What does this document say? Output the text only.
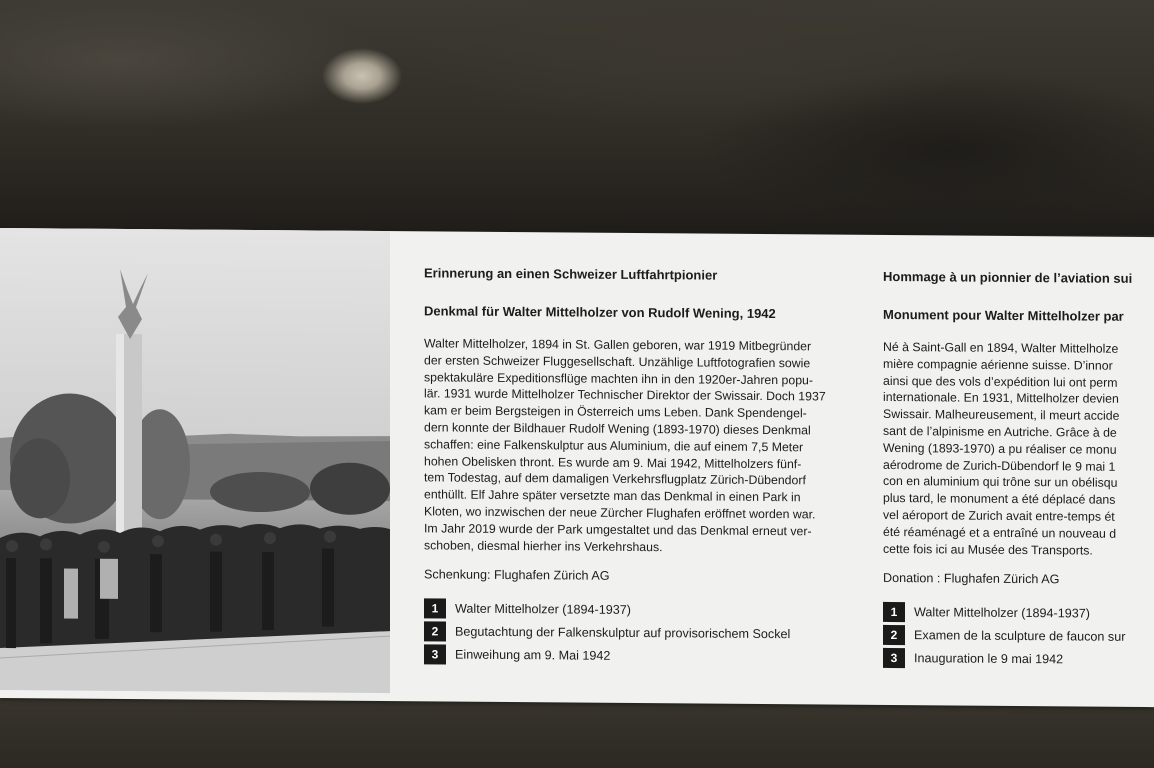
Erinnerung an einen Schweizer Luftfahrtpionier
Denkmal für Walter Mittelholzer von Rudolf Wening, 1942
Walter Mittelholzer, 1894 in St. Gallen geboren, war 1919 Mitbegründer
der ersten Schweizer Fluggesellschaft. Unzählige Luftfotografien sowie
spektakuläre Expeditionsflüge machten ihn in den 1920er-Jahren popu-
lär. 1931 wurde Mittelholzer Technischer Direktor der Swissair. Doch 1937
kam er beim Bergsteigen in Österreich ums Leben. Dank Spendengel-
dern konnte der Bildhauer Rudolf Wening (1893-1970) dieses Denkmal
schaffen: eine Falkenskulptur aus Aluminium, die auf einem 7,5 Meter
hohen Obelisken thront. Es wurde am 9. Mai 1942, Mittelholzers fünf-
tem Todestag, auf dem damaligen Verkehrsflugplatz Zürich-Dübendorf
enthüllt. Elf Jahre später versetzte man das Denkmal in einen Park in
Kloten, wo inzwischen der neue Zürcher Flughafen eröffnet worden war.
Im Jahr 2019 wurde der Park umgestaltet und das Denkmal erneut ver-
schoben, diesmal hierher ins Verkehrshaus.
Schenkung: Flughafen Zürich AG
1	Walter Mittelholzer (1894-1937)
2	Begutachtung der Falkenskulptur auf provisorischem Sockel
3	Einweihung am 9. Mai 1942
Hommage à un pionnier de l’aviation sui
Monument pour Walter Mittelholzer par
Né à Saint-Gall en 1894, Walter Mittelholze
mière compagnie aérienne suisse. D’innor
ainsi que des vols d’expédition lui ont perm
internationale. En 1931, Mittelholzer devien
Swissair. Malheureusement, il meurt accide
sant de l’alpinisme en Autriche. Grâce à de
Wening (1893-1970) a pu réaliser ce monu
aérodrome de Zurich-Dübendorf le 9 mai 1
con en aluminium qui trône sur un obélisqu
plus tard, le monument a été déplacé dans
vel aéroport de Zurich avait entre-temps ét
été réaménagé et a entraîné un nouveau d
cette fois ici au Musée des Transports.
Donation : Flughafen Zürich AG
1	Walter Mittelholzer (1894-1937)
2	Examen de la sculpture de faucon sur
3	Inauguration le 9 mai 1942
